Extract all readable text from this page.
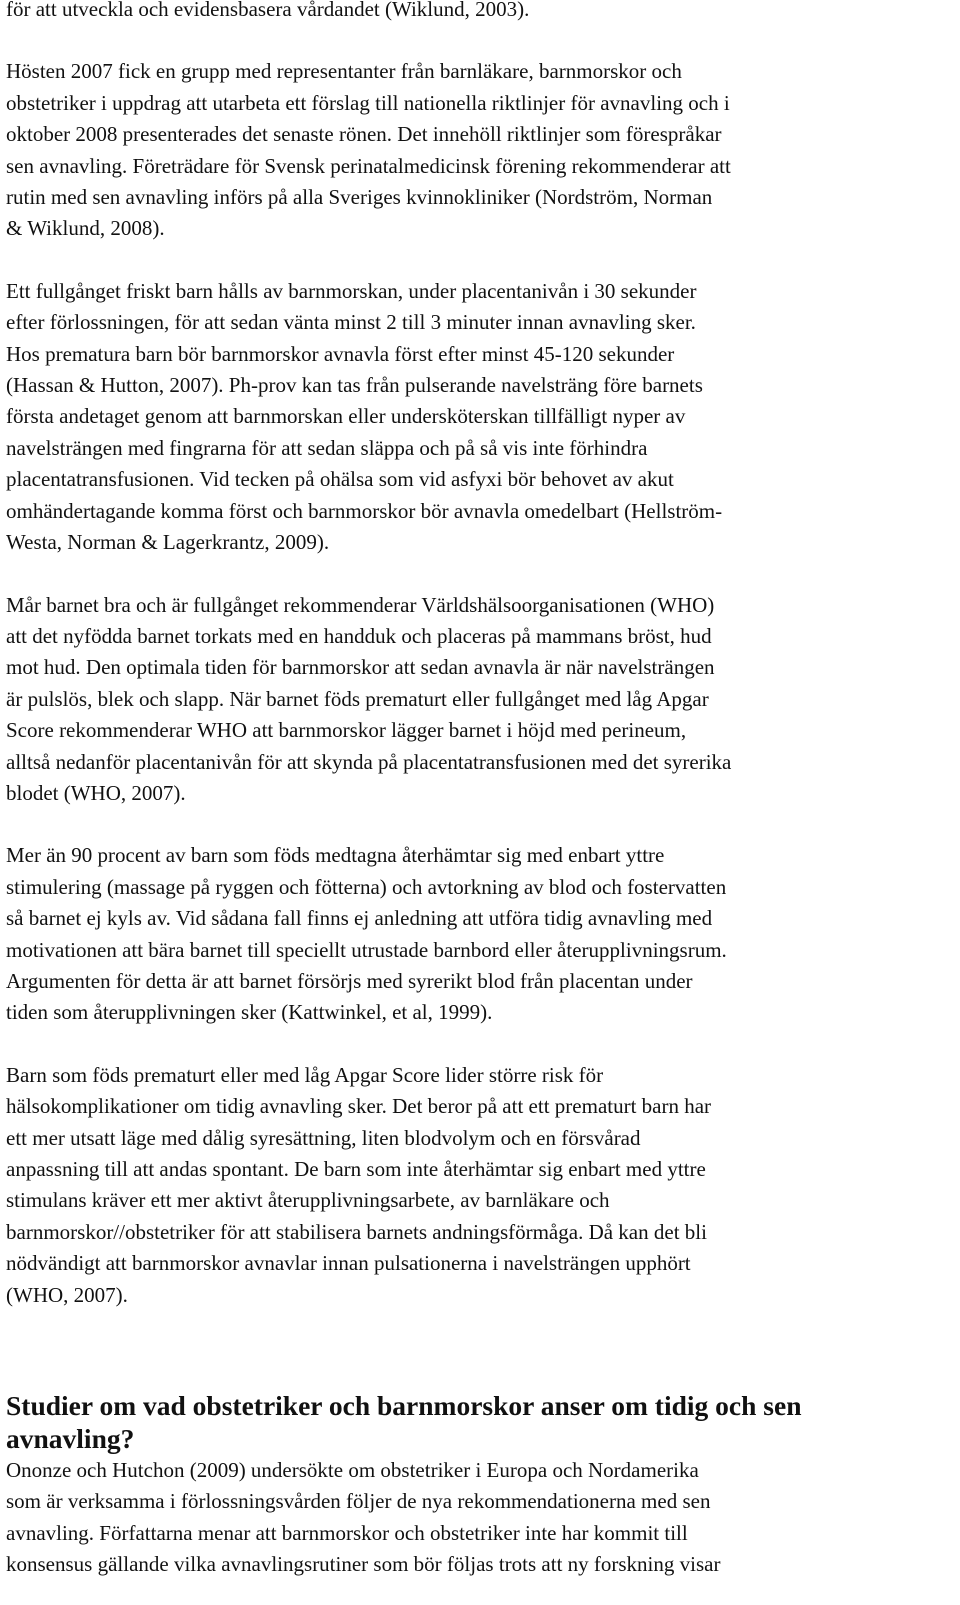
för att utveckla och evidensbasera vårdandet (Wiklund, 2003).

Hösten 2007 fick en grupp med representanter från barnläkare, barnmorskor och
obstetriker i uppdrag att utarbeta ett förslag till nationella riktlinjer för avnavling och i
oktober 2008 presenterades det senaste rönen. Det innehöll riktlinjer som förespråkar
sen avnavling. Företrädare för Svensk perinatalmedicinsk förening rekommenderar att
rutin med sen avnavling införs på alla Sveriges kvinnokliniker (Nordström, Norman
& Wiklund, 2008).

Ett fullgånget friskt barn hålls av barnmorskan, under placentanivån i 30 sekunder
efter förlossningen, för att sedan vänta minst 2 till 3 minuter innan avnavling sker.
Hos prematura barn bör barnmorskor avnavla först efter minst 45-120 sekunder
(Hassan & Hutton, 2007). Ph-prov kan tas från pulserande navelsträng före barnets
första andetaget genom att barnmorskan eller undersköterskan tillfälligt nyper av
navelsträngen med fingrarna för att sedan släppa och på så vis inte förhindra
placentatransfusionen. Vid tecken på ohälsa som vid asfyxi bör behovet av akut
omhändertagande komma först och barnmorskor bör avnavla omedelbart (Hellström-
Westa, Norman & Lagerkrantz, 2009).

Mår barnet bra och är fullgånget rekommenderar Världshälsoorganisationen (WHO)
att det nyfödda barnet torkats med en handduk och placeras på mammans bröst, hud
mot hud. Den optimala tiden för barnmorskor att sedan avnavla är när navelsträngen
är pulslös, blek och slapp. När barnet föds prematurt eller fullgånget med låg Apgar
Score rekommenderar WHO att barnmorskor lägger barnet i höjd med perineum,
alltså nedanför placentanivån för att skynda på placentatransfusionen med det syrerika
blodet (WHO, 2007).

Mer än 90 procent av barn som föds medtagna återhämtar sig med enbart yttre
stimulering (massage på ryggen och fötterna) och avtorkning av blod och fostervatten
så barnet ej kyls av. Vid sådana fall finns ej anledning att utföra tidig avnavling med
motivationen att bära barnet till speciellt utrustade barnbord eller återupplivningsrum.
Argumenten för detta är att barnet försörjs med syrerikt blod från placentan under
tiden som återupplivningen sker (Kattwinkel, et al, 1999).

Barn som föds prematurt eller med låg Apgar Score lider större risk för
hälsokomplikationer om tidig avnavling sker. Det beror på att ett prematurt barn har
ett mer utsatt läge med dålig syresättning, liten blodvolym och en försvårad
anpassning till att andas spontant. De barn som inte återhämtar sig enbart med yttre
stimulans kräver ett mer aktivt återupplivningsarbete, av barnläkare och
barnmorskor//obstetriker för att stabilisera barnets andningsförmåga. Då kan det bli
nödvändigt att barnmorskor avnavlar innan pulsationerna i navelsträngen upphört
(WHO, 2007).

Studier om vad obstetriker och barnmorskor anser om tidig och sen
avnavling?

Ononze och Hutchon (2009) undersökte om obstetriker i Europa och Nordamerika
som är verksamma i förlossningsvården följer de nya rekommendationerna med sen
avnavling. Författarna menar att barnmorskor och obstetriker inte har kommit till
konsensus gällande vilka avnavlingsrutiner som bör följas trots att ny forskning visar
